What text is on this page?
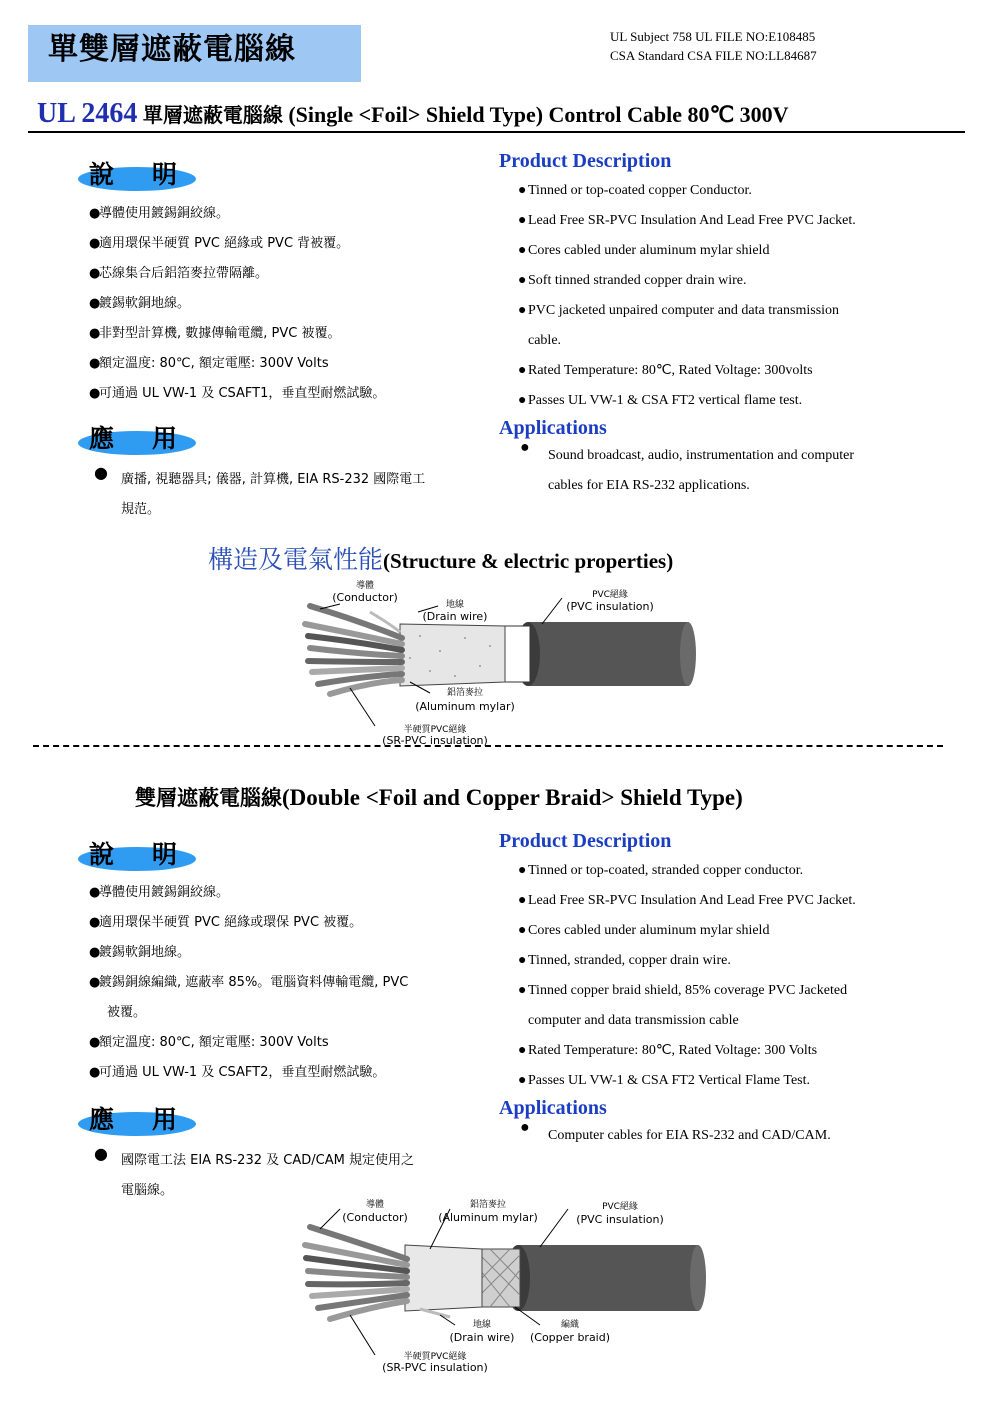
單雙層遮蔽電腦線	UL Subject 758 UL FILE NO:E108485
CSA Standard CSA FILE NO:LL84687
UL 2464 單層遮蔽電腦線 (Single <Foil> Shield Type) Control Cable 80℃ 300V
說 明
●導體使用鍍錫銅絞線。
●適用環保半硬質 PVC 絕緣或 PVC 背被覆。
●芯線集合后鋁箔麥拉帶隔離。
●鍍錫軟銅地線。
●非對型計算機, 數據傳輸電纜, PVC 被覆。
●額定溫度: 80℃, 額定電壓: 300V Volts
●可通過 UL VW-1 及 CSAFT1，垂直型耐燃試驗。
應 用
● 廣播, 視聽器具; 儀器, 計算機, EIA RS-232 國際電工
規范。
Product Description
● Tinned or top-coated copper Conductor.
● Lead Free SR-PVC Insulation And Lead Free PVC Jacket.
● Cores cabled under aluminum mylar shield
● Soft tinned stranded copper drain wire.
● PVC jacketed unpaired computer and data transmission
cable.
● Rated Temperature: 80℃, Rated Voltage: 300volts
● Passes UL VW-1 & CSA FT2 vertical flame test.
Applications
● Sound broadcast, audio, instrumentation and computer
cables for EIA RS-232 applications.
構造及電氣性能(Structure & electric properties)
導體
(Conductor)
地線
(Drain wire)
PVC絕緣
(PVC insulation)
鋁箔麥拉
(Aluminum mylar)
半硬質PVC絕緣
(SR-PVC insulation)
雙層遮蔽電腦線(Double <Foil and Copper Braid> Shield Type)
說 明
●導體使用鍍錫銅絞線。
●適用環保半硬質 PVC 絕緣或環保 PVC 被覆。
●鍍錫軟銅地線。
●鍍錫銅線編織, 遮蔽率 85%。電腦資料傳輸電纜, PVC
被覆。
●額定溫度: 80℃, 額定電壓: 300V Volts
●可通過 UL VW-1 及 CSAFT2，垂直型耐燃試驗。
應 用
● 國際電工法 EIA RS-232 及 CAD/CAM 規定使用之
電腦線。
Product Description
● Tinned or top-coated, stranded copper conductor.
● Lead Free SR-PVC Insulation And Lead Free PVC Jacket.
● Cores cabled under aluminum mylar shield
● Tinned, stranded, copper drain wire.
● Tinned copper braid shield, 85% coverage PVC Jacketed
computer and data transmission cable
● Rated Temperature: 80℃, Rated Voltage: 300 Volts
● Passes UL VW-1 & CSA FT2 Vertical Flame Test.
Applications
● Computer cables for EIA RS-232 and CAD/CAM.
導體
(Conductor)
鋁箔麥拉
(Aluminum mylar)
PVC絕緣
(PVC insulation)
地線
(Drain wire)
編織
(Copper braid)
半硬質PVC絕緣
(SR-PVC insulation)
